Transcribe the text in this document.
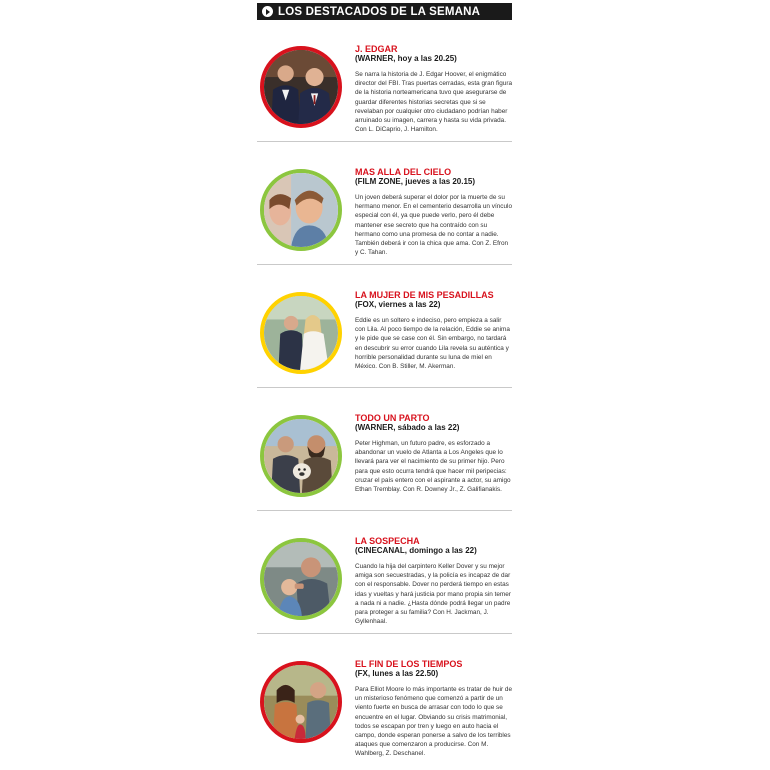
LOS DESTACADOS DE LA SEMANA
J. EDGAR
(WARNER, hoy a las 20.25)
Se narra la historia de J. Edgar Hoover, el enigmático director del FBI. Tras puertas cerradas, esta gran figura de la historia norteamericana tuvo que asegurarse de guardar diferentes historias secretas que si se revelaban por cualquier otro ciudadano podrían haber arruinado su imagen, carrera y hasta su vida privada. Con L. DiCaprio, J. Hamilton.
MAS ALLA DEL CIELO
(FILM ZONE, jueves a las 20.15)
Un joven deberá superar el dolor por la muerte de su hermano menor. En el cementerio desarrolla un vínculo especial con él, ya que puede verlo, pero él debe mantener ese secreto que ha contraído con su hermano como una promesa de no contar a nadie. También deberá ir con la chica que ama. Con Z. Efron y C. Tahan.
LA MUJER DE MIS PESADILLAS
(FOX, viernes a las 22)
Eddie es un soltero e indeciso, pero empieza a salir con Lila. Al poco tiempo de la relación, Eddie se anima y le pide que se case con él. Sin embargo, no tardará en descubrir su error cuando Lila revela su auténtica y horrible personalidad durante su luna de miel en México. Con B. Stiller, M. Akerman.
TODO UN PARTO
(WARNER, sábado a las 22)
Peter Highman, un futuro padre, es esforzado a abandonar un vuelo de Atlanta a Los Angeles que lo llevará para ver el nacimiento de su primer hijo. Pero para que esto ocurra tendrá que hacer mil peripecias: cruzar el país entero con el aspirante a actor, su amigo Ethan Tremblay. Con R. Downey Jr., Z. Galifianakis.
LA SOSPECHA
(CINECANAL, domingo a las 22)
Cuando la hija del carpintero Keller Dover y su mejor amiga son secuestradas, y la policía es incapaz de dar con el responsable. Dover no perderá tiempo en estas idas y vueltas y hará justicia por mano propia sin temer a nada ni a nadie. ¿Hasta dónde podrá llegar un padre para proteger a su familia? Con H. Jackman, J. Gyllenhaal.
EL FIN DE LOS TIEMPOS
(FX, lunes a las 22.50)
Para Elliot Moore lo más importante es tratar de huir de un misterioso fenómeno que comenzó a partir de un viento fuerte en busca de arrasar con todo lo que se encuentre en el lugar. Obviando su crisis matrimonial, todos se escapan por tren y luego en auto hacia el campo, donde esperan ponerse a salvo de los terribles ataques que comenzaron a producirse. Con M. Wahlberg, Z. Deschanel.
